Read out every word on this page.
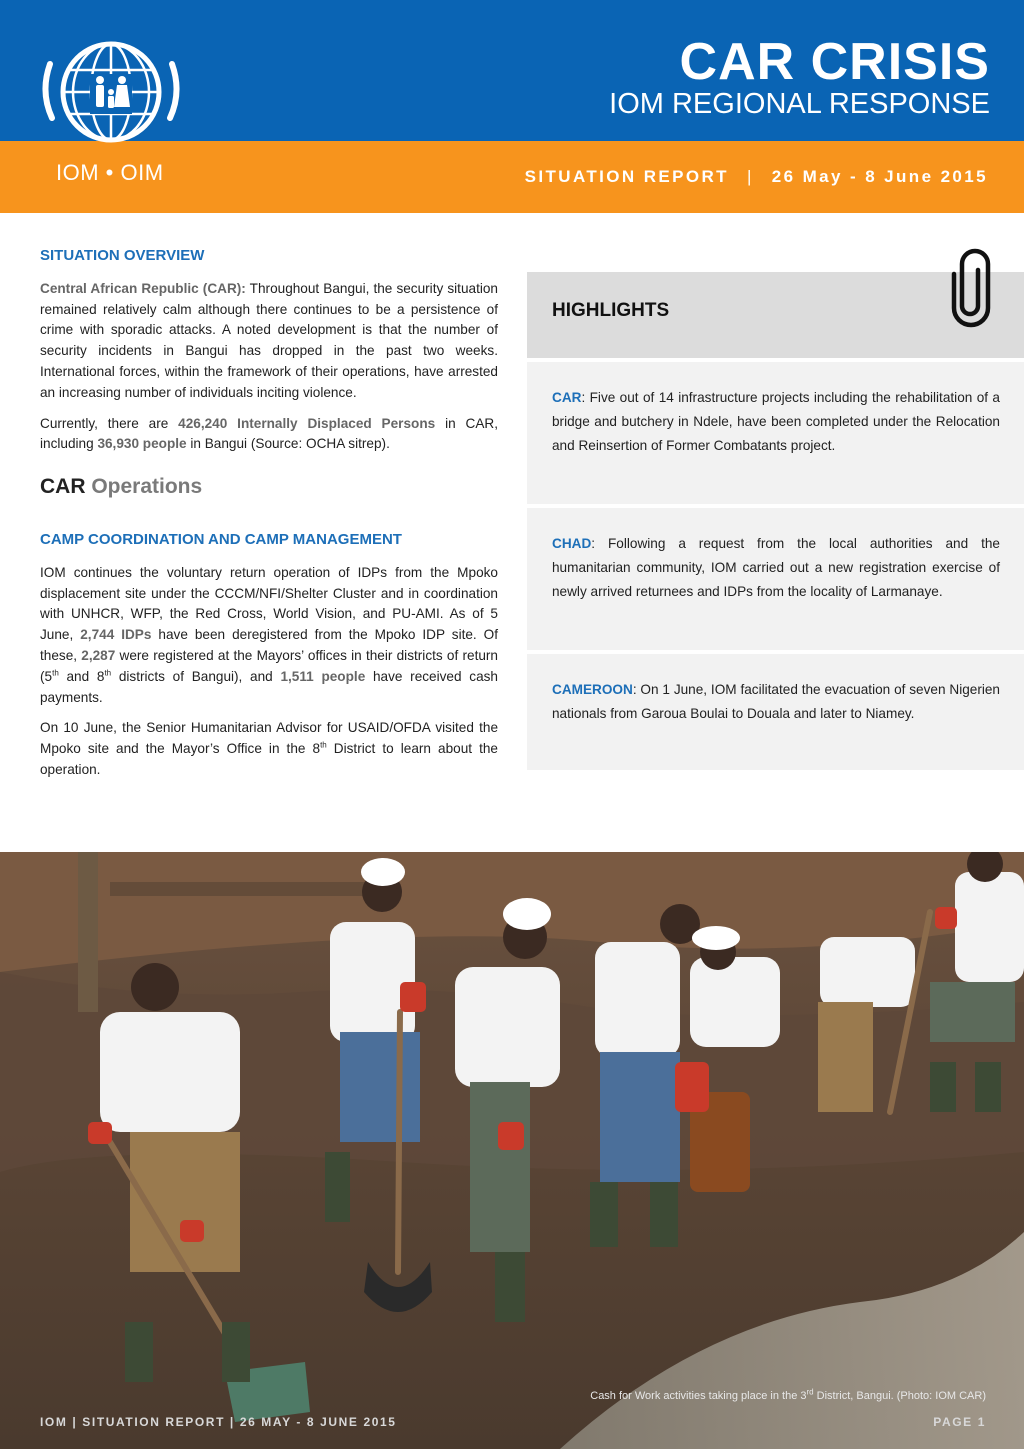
IOM • OIM
CAR CRISIS
IOM REGIONAL RESPONSE
SITUATION REPORT | 26 May - 8 June 2015
SITUATION OVERVIEW

Central African Republic (CAR): Throughout Bangui, the security situation remained relatively calm although there continues to be a persistence of crime with sporadic attacks. A noted development is that the number of security incidents in Bangui has dropped in the past two weeks. International forces, within the framework of their operations, have arrested an increasing number of individuals inciting violence.

Currently, there are 426,240 Internally Displaced Persons in CAR, including 36,930 people in Bangui (Source: OCHA sitrep).

CAR Operations
CAMP COORDINATION AND CAMP MANAGEMENT

IOM continues the voluntary return operation of IDPs from the Mpoko displacement site under the CCCM/NFI/Shelter Cluster and in coordination with UNHCR, WFP, the Red Cross, World Vision, and PU-AMI. As of 5 June, 2,744 IDPs have been deregistered from the Mpoko IDP site. Of these, 2,287 were registered at the Mayors’ offices in their districts of return (5th and 8th districts of Bangui), and 1,511 people have received cash payments.

On 10 June, the Senior Humanitarian Advisor for USAID/OFDA visited the Mpoko site and the Mayor’s Office in the 8th District to learn about the operation.

HIGHLIGHTS
CAR: Five out of 14 infrastructure projects including the rehabilitation of a bridge and butchery in Ndele, have been completed under the Relocation and Reinsertion of Former Combatants project.
CHAD: Following a request from the local authorities and the humanitarian community, IOM carried out a new registration exercise of newly arrived returnees and IDPs from the locality of Larmanaye.
CAMEROON: On 1 June, IOM facilitated the evacuation of seven Nigerien nationals from Garoua Boulai to Douala and later to Niamey.
Cash for Work activities taking place in the 3rd District, Bangui. (Photo: IOM CAR)
IOM | SITUATION REPORT | 26 MAY - 8 JUNE 2015	PAGE 1
